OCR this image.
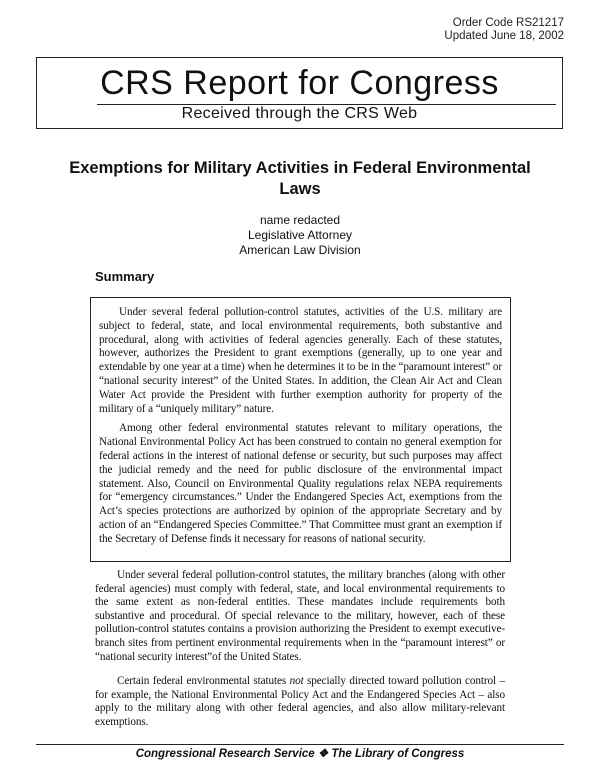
Order Code RS21217
Updated June 18, 2002
CRS Report for Congress
Received through the CRS Web
Exemptions for Military Activities in Federal Environmental Laws
name redacted
Legislative Attorney
American Law Division
Summary

Under several federal pollution-control statutes, activities of the U.S. military are subject to federal, state, and local environmental requirements, both substantive and procedural, along with activities of federal agencies generally. Each of these statutes, however, authorizes the President to grant exemptions (generally, up to one year and extendable by one year at a time) when he determines it to be in the “paramount interest” or “national security interest” of the United States. In addition, the Clean Air Act and Clean Water Act provide the President with further exemption authority for property of the military of a “uniquely military” nature.

Among other federal environmental statutes relevant to military operations, the National Environmental Policy Act has been construed to contain no general exemption for federal actions in the interest of national defense or security, but such purposes may affect the judicial remedy and the need for public disclosure of the environmental impact statement. Also, Council on Environmental Quality regulations relax NEPA requirements for “emergency circumstances.” Under the Endangered Species Act, exemptions from the Act’s species protections are authorized by opinion of the appropriate Secretary and by action of an “Endangered Species Committee.” That Committee must grant an exemption if the Secretary of Defense finds it necessary for reasons of national security.

Under several federal pollution-control statutes, the military branches (along with other federal agencies) must comply with federal, state, and local environmental requirements to the same extent as non-federal entities. These mandates include requirements both substantive and procedural. Of special relevance to the military, however, each of these pollution-control statutes contains a provision authorizing the President to exempt executive-branch sites from pertinent environmental requirements when in the “paramount interest” or “national security interest”of the United States.

Certain federal environmental statutes not specially directed toward pollution control – for example, the National Environmental Policy Act and the Endangered Species Act – also apply to the military along with other federal agencies, and also allow military-relevant exemptions.

Congressional Research Service ❖ The Library of Congress
